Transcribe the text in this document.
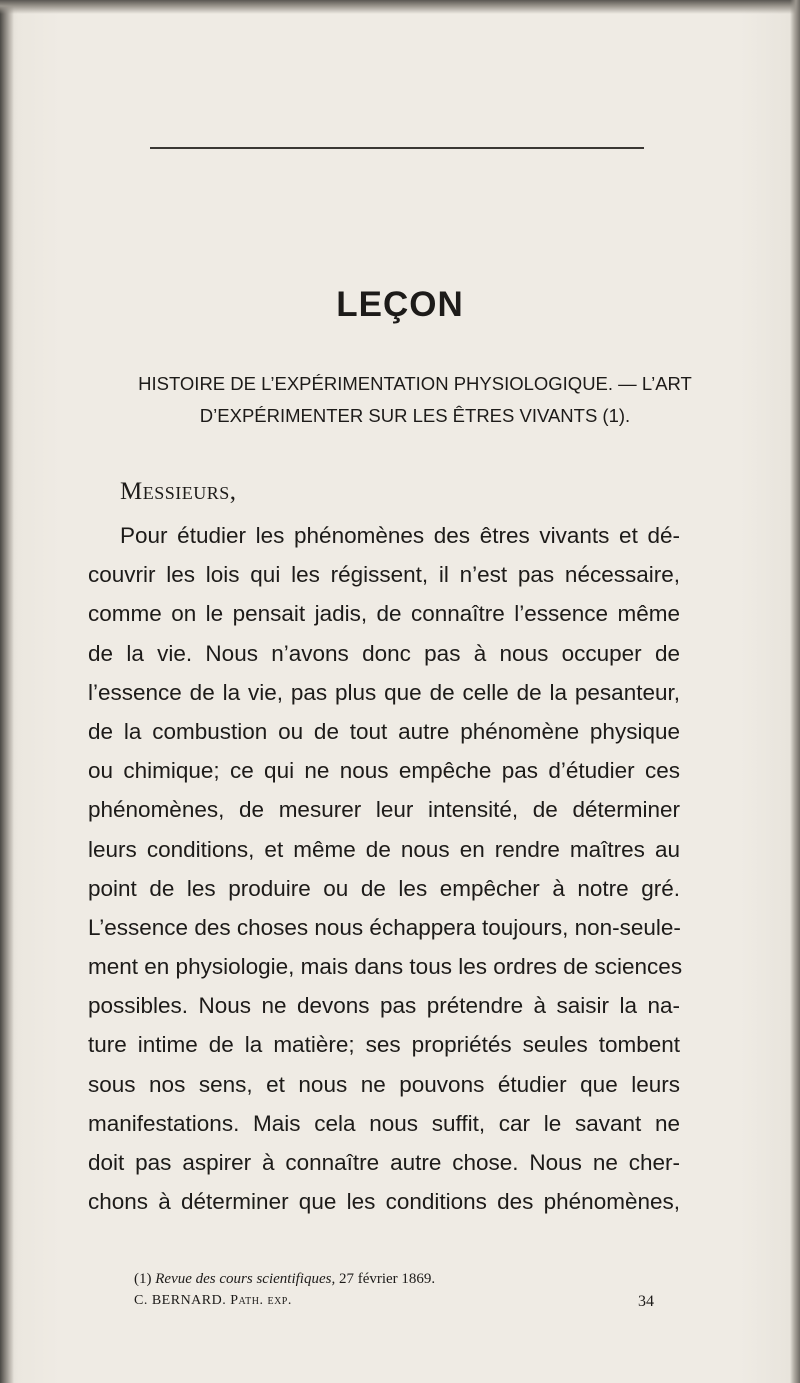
LEÇON

HISTOIRE DE L’EXPÉRIMENTATION PHYSIOLOGIQUE. — L’ART
D’EXPÉRIMENTER SUR LES ÊTRES VIVANTS (1).

Messieurs,

Pour étudier les phénomènes des êtres vivants et dé-
couvrir les lois qui les régissent, il n’est pas nécessaire,
comme on le pensait jadis, de connaître l’essence même
de la vie. Nous n’avons donc pas à nous occuper de
l’essence de la vie, pas plus que de celle de la pesanteur,
de la combustion ou de tout autre phénomène physique
ou chimique; ce qui ne nous empêche pas d’étudier ces
phénomènes, de mesurer leur intensité, de déterminer
leurs conditions, et même de nous en rendre maîtres au
point de les produire ou de les empêcher à notre gré.
L’essence des choses nous échappera toujours, non-seule-
ment en physiologie, mais dans tous les ordres de sciences
possibles. Nous ne devons pas prétendre à saisir la na-
ture intime de la matière; ses propriétés seules tombent
sous nos sens, et nous ne pouvons étudier que leurs
manifestations. Mais cela nous suffit, car le savant ne
doit pas aspirer à connaître autre chose. Nous ne cher-
chons à déterminer que les conditions des phénomènes,

(1) Revue des cours scientifiques, 27 février 1869.

C. BERNARD. Path. exp.	34
